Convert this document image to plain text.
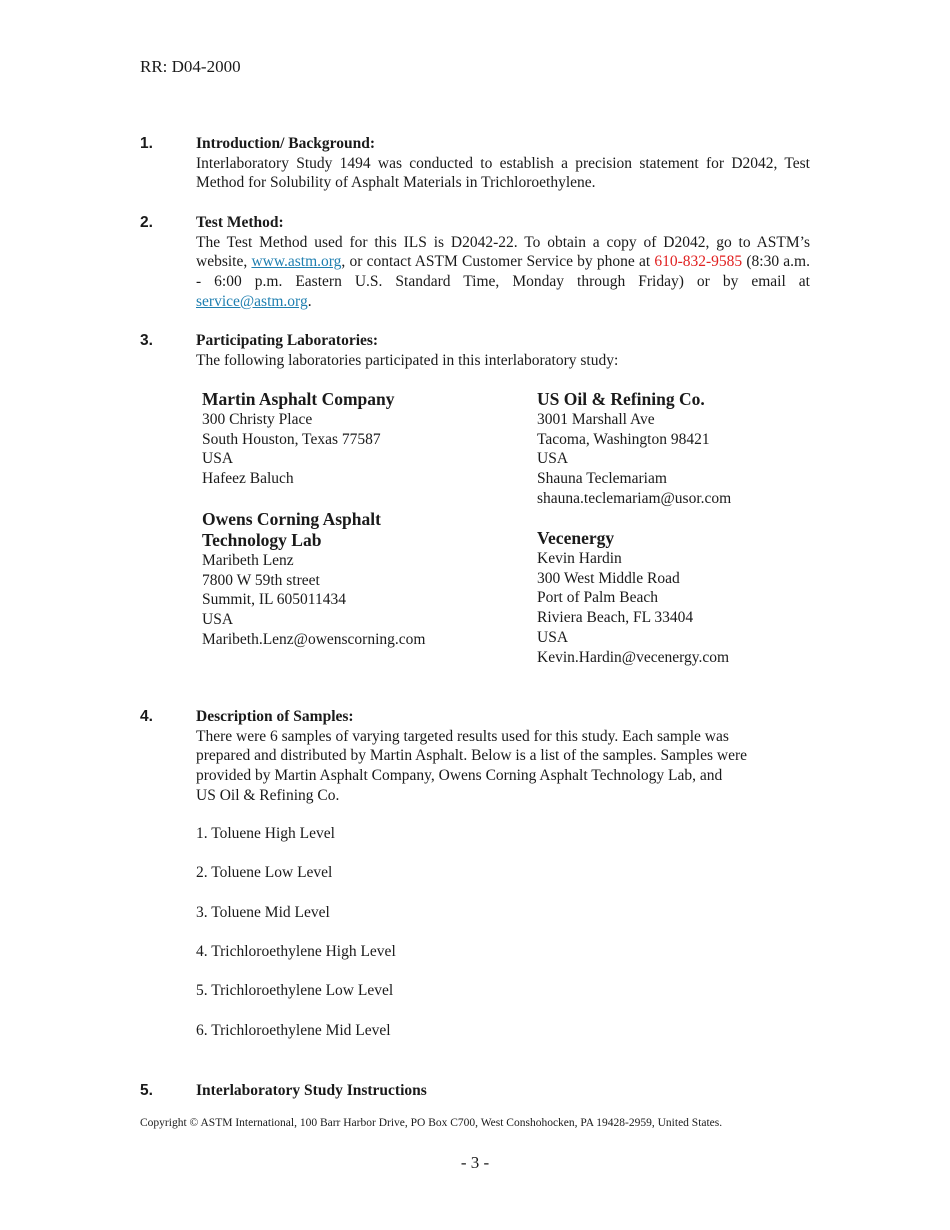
RR: D04-2000
1.	Introduction/ Background:
Interlaboratory Study 1494 was conducted to establish a precision statement for D2042, Test Method for Solubility of Asphalt Materials in Trichloroethylene.
2.	Test Method:
The Test Method used for this ILS is D2042-22. To obtain a copy of D2042, go to ASTM’s website, www.astm.org, or contact ASTM Customer Service by phone at 610-832-9585 (8:30 a.m. - 6:00 p.m. Eastern U.S. Standard Time, Monday through Friday) or by email at service@astm.org.
3.	Participating Laboratories:
The following laboratories participated in this interlaboratory study:
Martin Asphalt Company
300 Christy Place
South Houston, Texas 77587
USA
Hafeez Baluch
Owens Corning Asphalt
Technology Lab
Maribeth Lenz
7800 W 59th street
Summit, IL 605011434
USA
Maribeth.Lenz@owenscorning.com
US Oil & Refining Co.
3001 Marshall Ave
Tacoma, Washington 98421
USA
Shauna Teclemariam
shauna.teclemariam@usor.com
Vecenergy
Kevin Hardin
300 West Middle Road
Port of Palm Beach
Riviera Beach, FL 33404
USA
Kevin.Hardin@vecenergy.com
4.	Description of Samples:
There were 6 samples of varying targeted results used for this study. Each sample was
prepared and distributed by Martin Asphalt. Below is a list of the samples. Samples were
provided by Martin Asphalt Company, Owens Corning Asphalt Technology Lab, and
US Oil & Refining Co.
1. Toluene High Level
2. Toluene Low Level
3. Toluene Mid Level
4. Trichloroethylene High Level
5. Trichloroethylene Low Level
6. Trichloroethylene Mid Level
5.	Interlaboratory Study Instructions
Copyright © ASTM International, 100 Barr Harbor Drive, PO Box C700, West Conshohocken, PA 19428-2959, United States.
- 3 -
